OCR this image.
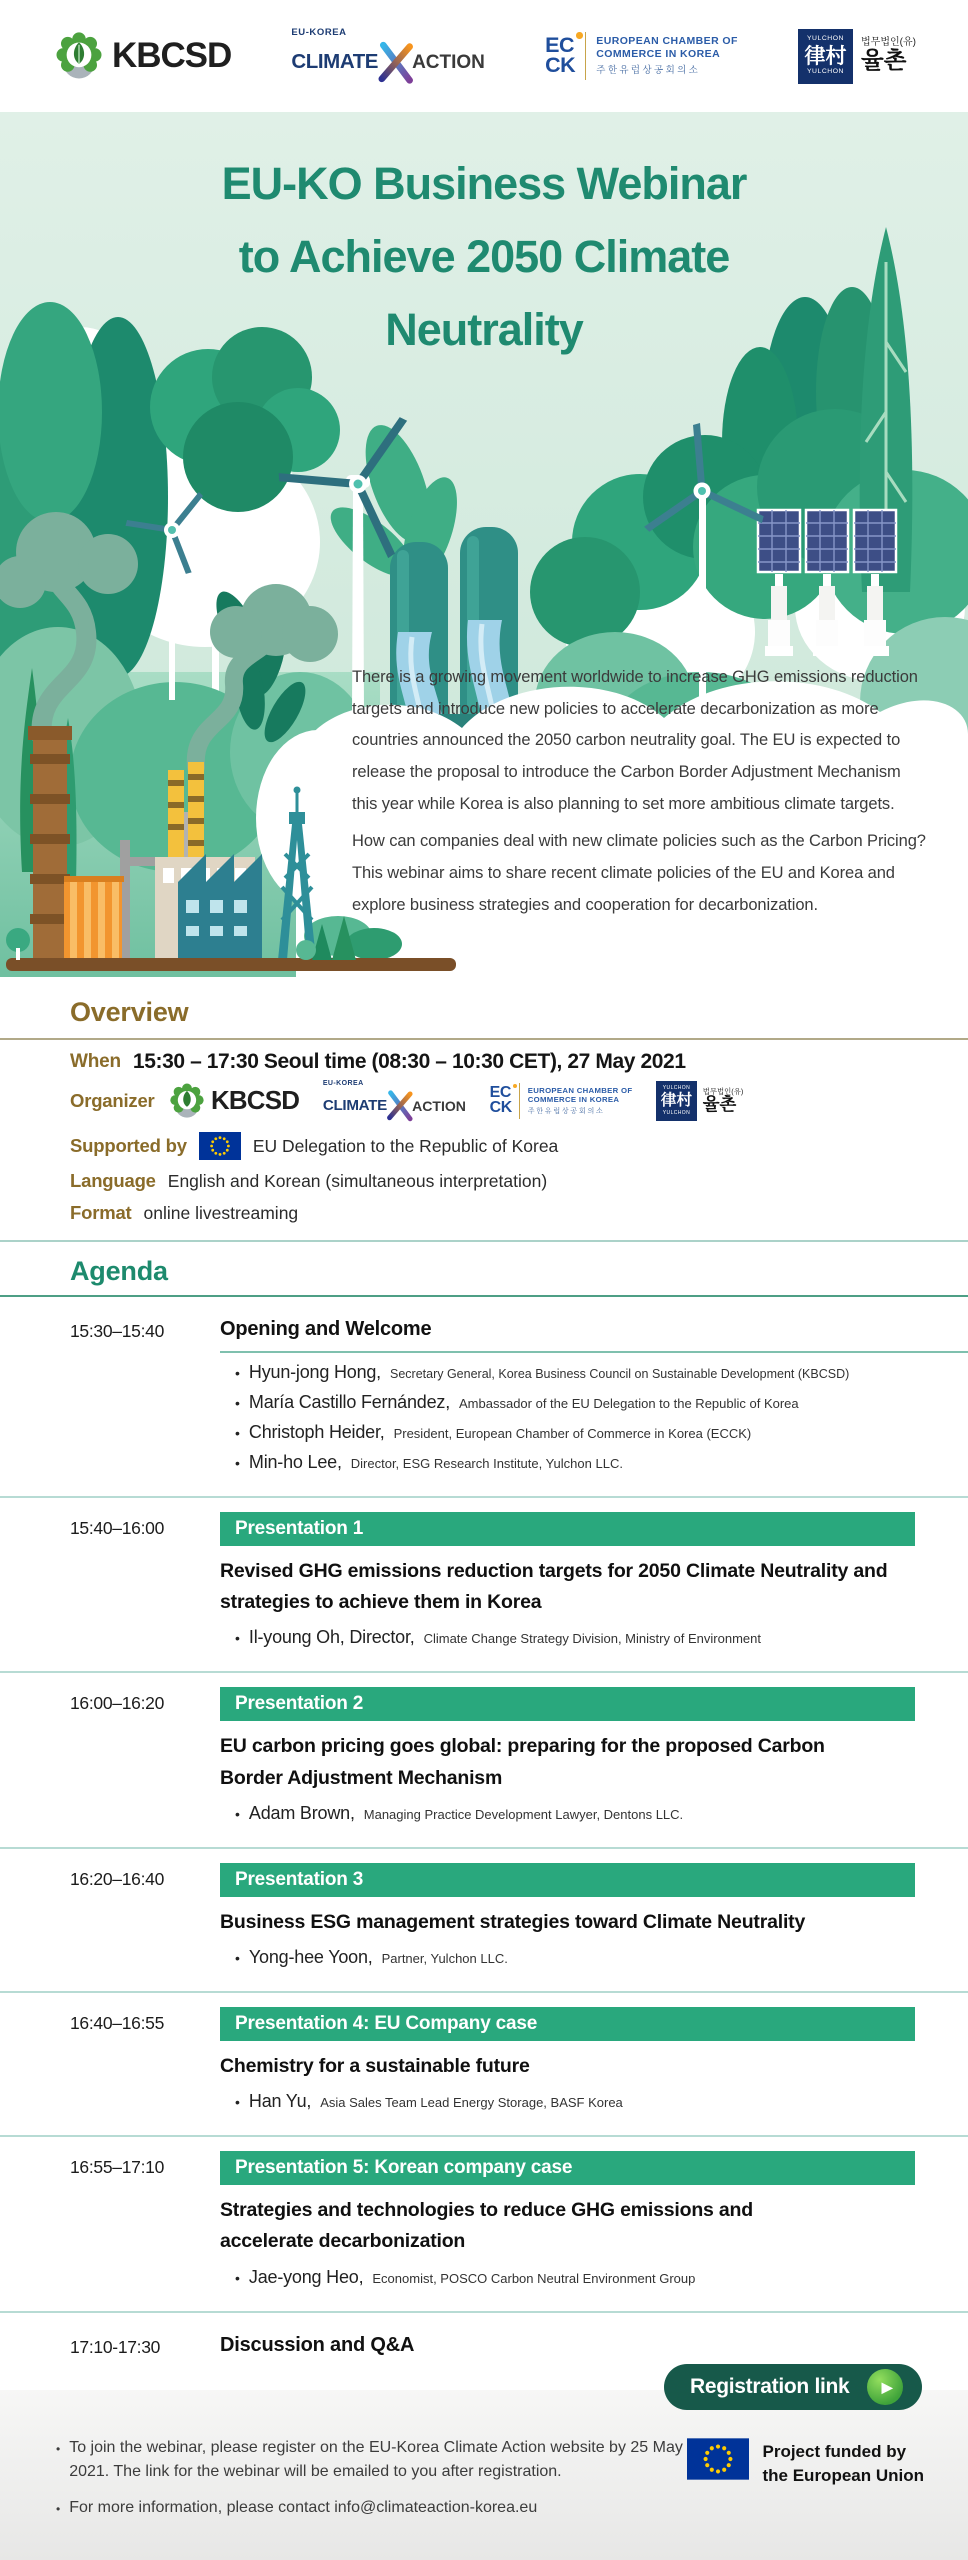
KBCSD
EU-KOREA
CLIMATE ACTION
EC
CK
EUROPEAN CHAMBER OF
COMMERCE IN KOREA
주한유럽상공회의소
YULCHON
律村
YULCHON
법무법인(유)
율촌
EU-KO Business Webinar
to Achieve 2050 Climate
Neutrality

There is a growing movement worldwide to increase GHG emissions reduction targets and introduce new policies to accelerate decarbonization as more countries announced the 2050 carbon neutrality goal. The EU is expected to release the proposal to introduce the Carbon Border Adjustment Mechanism this year while Korea is also planning to set more ambitious climate targets.

How can companies deal with new climate policies such as the Carbon Pricing? This webinar aims to share recent climate policies of the EU and Korea and explore business strategies and cooperation for decarbonization.

Overview
When 15:30 – 17:30 Seoul time (08:30 – 10:30 CET), 27 May 2021
Organizer KBCSD
EU-KOREA
CLIMATE ACTION
EC
CK
EUROPEAN CHAMBER OF
COMMERCE IN KOREA
주한유럽상공회의소
YULCHON
律村
YULCHON
법무법인(유)
율촌
Supported by	EU Delegation to the Republic of Korea
Language English and Korean (simultaneous interpretation)
Format online livestreaming
Agenda
15:30–15:40	Opening and Welcome
• Hyun-jong Hong, Secretary General, Korea Business Council on Sustainable Development (KBCSD)
• María Castillo Fernández, Ambassador of the EU Delegation to the Republic of Korea
• Christoph Heider, President, European Chamber of Commerce in Korea (ECCK)
• Min-ho Lee, Director, ESG Research Institute, Yulchon LLC.
15:40–16:00	Presentation 1
Revised GHG emissions reduction targets for 2050 Climate Neutrality and strategies to achieve them in Korea
• Il-young Oh, Director, Climate Change Strategy Division, Ministry of Environment
16:00–16:20	Presentation 2
EU carbon pricing goes global: preparing for the proposed Carbon Border Adjustment Mechanism
• Adam Brown, Managing Practice Development Lawyer, Dentons LLC.
16:20–16:40	Presentation 3
Business ESG management strategies toward Climate Neutrality
• Yong-hee Yoon, Partner, Yulchon LLC.
16:40–16:55	Presentation 4: EU Company case
Chemistry for a sustainable future
• Han Yu, Asia Sales Team Lead Energy Storage, BASF Korea
16:55–17:10	Presentation 5: Korean company case
Strategies and technologies to reduce GHG emissions and accelerate decarbonization
• Jae-yong Heo, Economist, POSCO Carbon Neutral Environment Group
17:10-17:30	Discussion and Q&A
Registration link ▶
• To join the webinar, please register on the EU-Korea Climate Action website by 25 May 2021. The link for the webinar will be emailed to you after registration.
• For more information, please contact info@climateaction-korea.eu
Project funded by
the European Union
